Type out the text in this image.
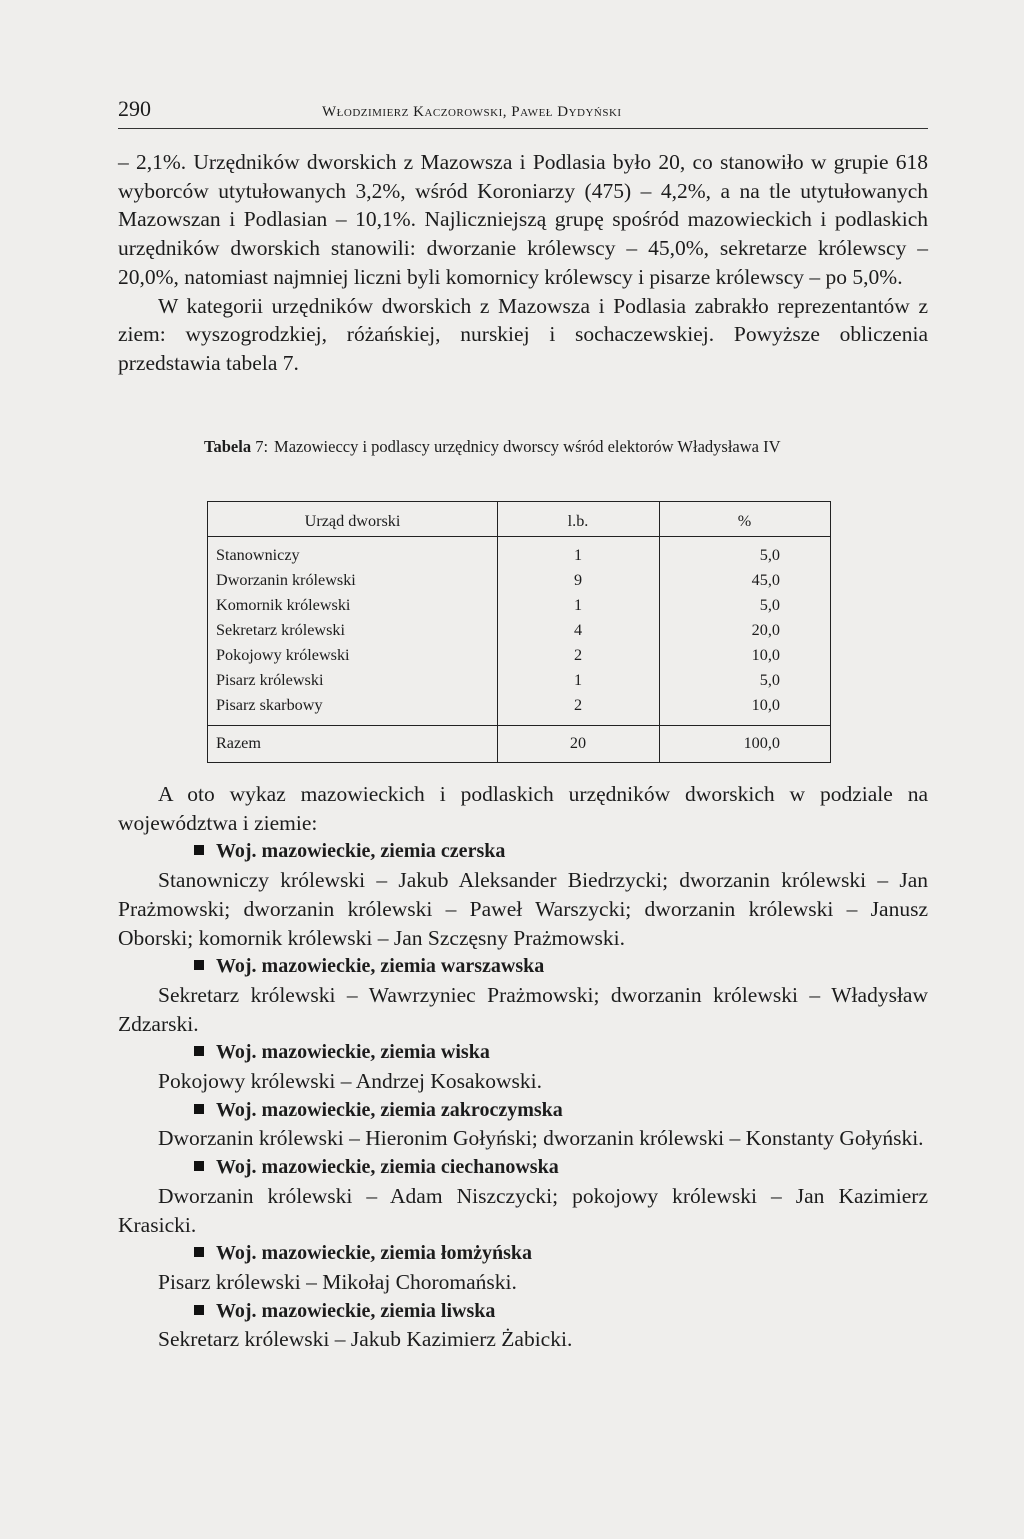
290	Włodzimierz Kaczorowski, Paweł Dydyński

– 2,1%. Urzędników dworskich z Mazowsza i Podlasia było 20, co stanowiło w grupie 618 wyborców utytułowanych 3,2%, wśród Koroniarzy (475) – 4,2%, a na tle utytułowanych Mazowszan i Podlasian – 10,1%. Najliczniejszą grupę spośród mazowieckich i podlaskich urzędników dworskich stanowili: dworzanie królewscy – 45,0%, sekretarze królewscy – 20,0%, natomiast najmniej liczni byli komornicy królewscy i pisarze królewscy – po 5,0%.

W kategorii urzędników dworskich z Mazowsza i Podlasia zabrakło reprezentantów z ziem: wyszogrodzkiej, różańskiej, nurskiej i sochaczewskiej. Powyższe obliczenia przedstawia tabela 7.

Tabela 7: Mazowieccy i podlascy urzędnicy dworscy wśród elektorów Władysława IV
Urząd dworski	l.b.	%
Stanowniczy	1	5,0
Dworzanin królewski	9	45,0
Komornik królewski	1	5,0
Sekretarz królewski	4	20,0
Pokojowy królewski	2	10,0
Pisarz królewski	1	5,0
Pisarz skarbowy	2	10,0
Razem	20	100,0

A oto wykaz mazowieckich i podlaskich urzędników dworskich w podziale na województwa i ziemie:

Woj. mazowieckie, ziemia czerska

Stanowniczy królewski – Jakub Aleksander Biedrzycki; dworzanin królewski – Jan Prażmowski; dworzanin królewski – Paweł Warszycki; dworzanin królewski – Janusz Oborski; komornik królewski – Jan Szczęsny Prażmowski.

Woj. mazowieckie, ziemia warszawska

Sekretarz królewski – Wawrzyniec Prażmowski; dworzanin królewski – Władysław Zdzarski.

Woj. mazowieckie, ziemia wiska

Pokojowy królewski – Andrzej Kosakowski.

Woj. mazowieckie, ziemia zakroczymska

Dworzanin królewski – Hieronim Gołyński; dworzanin królewski – Konstanty Gołyński.

Woj. mazowieckie, ziemia ciechanowska

Dworzanin królewski – Adam Niszczycki; pokojowy królewski – Jan Kazimierz Krasicki.

Woj. mazowieckie, ziemia łomżyńska

Pisarz królewski – Mikołaj Choromański.

Woj. mazowieckie, ziemia liwska

Sekretarz królewski – Jakub Kazimierz Żabicki.
